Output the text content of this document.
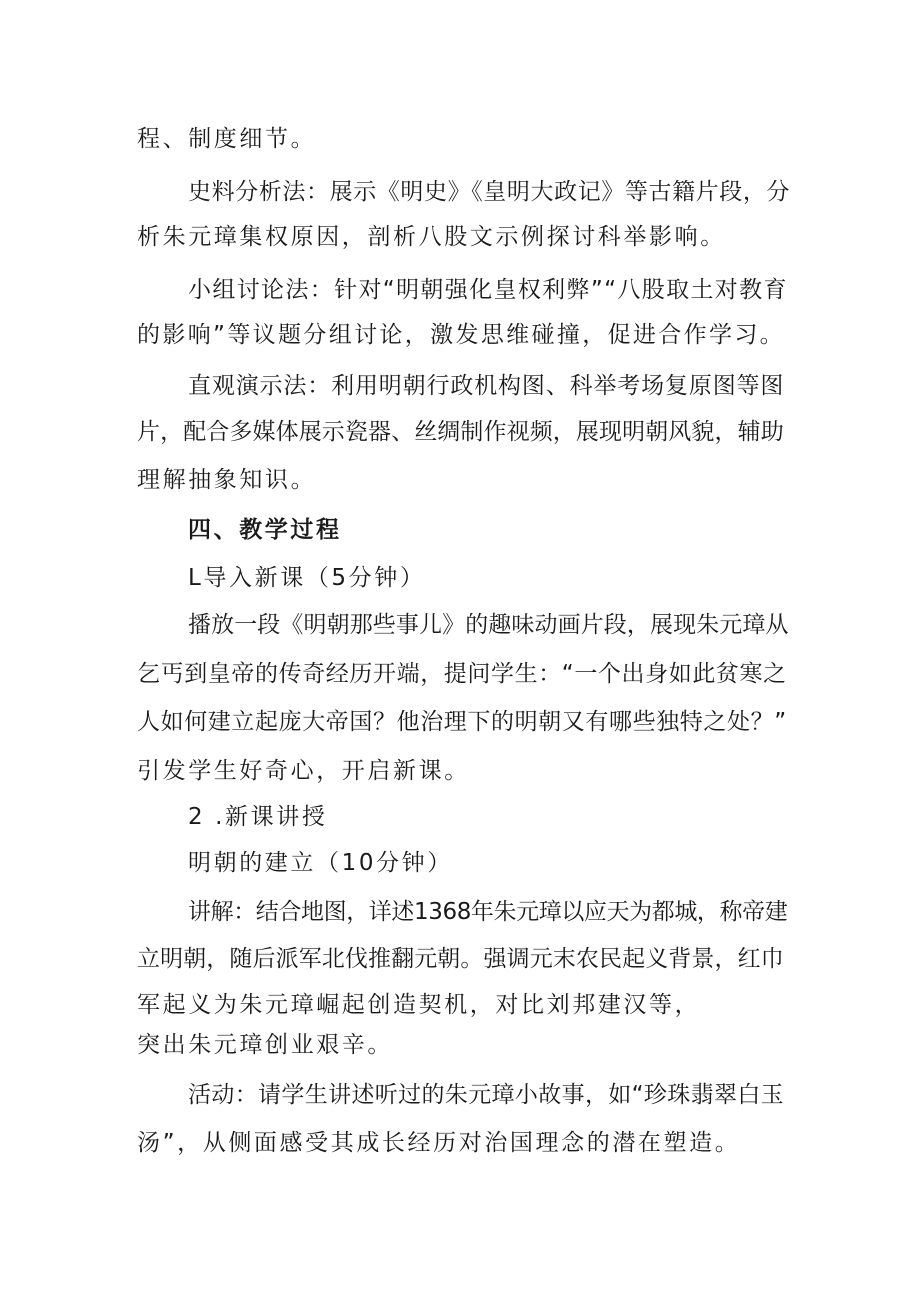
程、制度细节。
史料分析法：展示《明史》《皇明大政记》等古籍片段，分
析朱元璋集权原因，剖析八股文示例探讨科举影响。
小组讨论法：针对“明朝强化皇权利弊”“八股取土对教育
的影响”等议题分组讨论，激发思维碰撞，促进合作学习。
直观演示法：利用明朝行政机构图、科举考场复原图等图
片，配合多媒体展示瓷器、丝绸制作视频，展现明朝风貌，辅助
理解抽象知识。
四、教学过程
L导入新课（5分钟）
播放一段《明朝那些事儿》的趣味动画片段，展现朱元璋从
乞丐到皇帝的传奇经历开端，提问学生：“一个出身如此贫寒之
人如何建立起庞大帝国？他治理下的明朝又有哪些独特之处？”
引发学生好奇心，开启新课。
2 .新课讲授
明朝的建立（10分钟）
讲解：结合地图，详述1368年朱元璋以应天为都城，称帝建
立明朝，随后派军北伐推翻元朝。强调元末农民起义背景，红巾
军起义为朱元璋崛起创造契机，对比刘邦建汉等，
突出朱元璋创业艰辛。
活动：请学生讲述听过的朱元璋小故事，如“珍珠翡翠白玉
汤”，从侧面感受其成长经历对治国理念的潜在塑造。
